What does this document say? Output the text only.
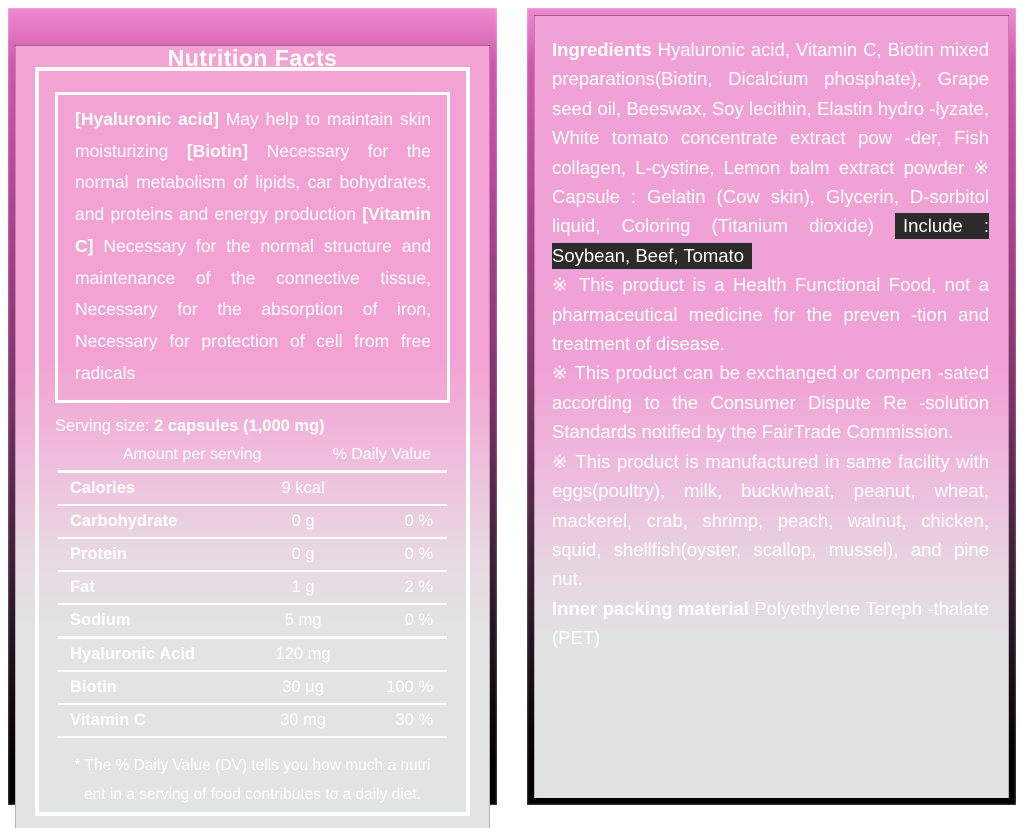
Nutrition Facts

[Hyaluronic acid] May help to maintain skin moisturizing [Biotin] Necessary for the normal metabolism of lipids, car bohydrates, and proteins and energy production [Vitamin C] Necessary for the normal structure and maintenance of the connective tissue, Necessary for the absorption of iron, Necessary for protection of cell from free radicals

Serving size: 2 capsules (1,000 mg)

Amount per serving	% Daily Value
Calories	9 kcal
Carbohydrate	0 g	0 %
Protein	0 g	0 %
Fat	1 g	2 %
Sodium	5 mg	0 %
Hyaluronic Acid	120 mg
Biotin	30 μg	100 %
Vitamin C	30 mg	30 %

* The % Daily Value (DV) tells you how much a nutri
ent in a serving of food contributes to a daily diet.

Ingredients Hyaluronic acid, Vitamin C, Biotin mixed preparations(Biotin, Dicalcium phosphate), Grape seed oil, Beeswax, Soy lecithin, Elastin hydro -lyzate, White tomato concentrate extract pow -der, Fish collagen, L-cystine, Lemon balm extract powder ※ Capsule : Gelatin (Cow skin), Glycerin, D-sorbitol liquid, Coloring (Titanium dioxide) Include : Soybean, Beef, Tomato

※ This product is a Health Functional Food, not a pharmaceutical medicine for the preven -tion and treatment of disease.

※ This product can be exchanged or compen -sated according to the Consumer Dispute Re -solution Standards notified by the FairTrade Commission.

※ This product is manufactured in same facility with eggs(poultry), milk, buckwheat, peanut, wheat, mackerel, crab, shrimp, peach, walnut, chicken, squid, shellfish(oyster, scallop, mussel), and pine nut.

Inner packing material Polyethylene Tereph -thalate (PET)
